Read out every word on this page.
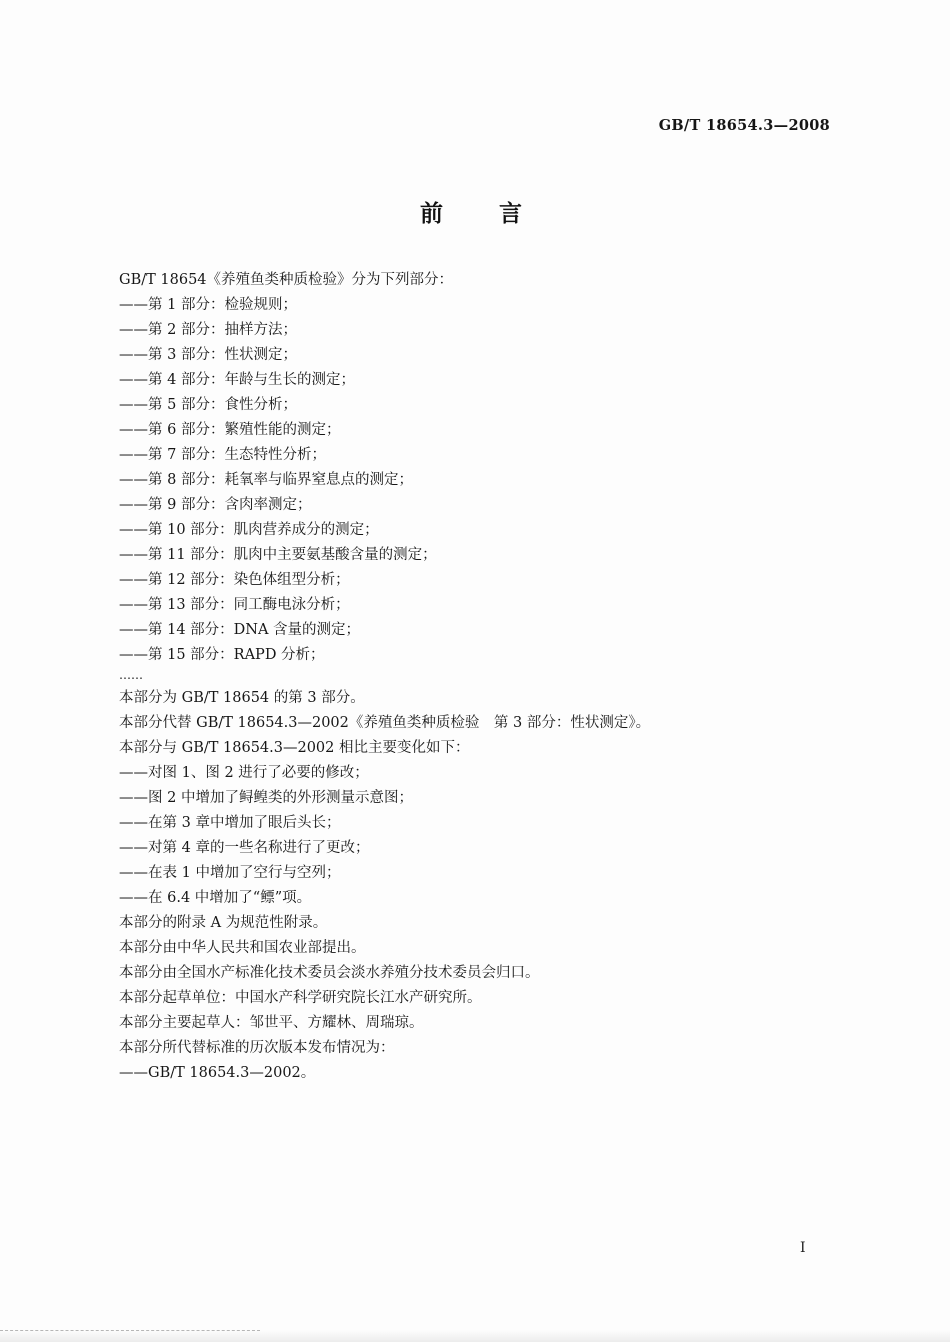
GB/T 18654.3—2008
前言
GB/T 18654《养殖鱼类种质检验》分为下列部分：
——第 1 部分：检验规则；
——第 2 部分：抽样方法；
——第 3 部分：性状测定；
——第 4 部分：年龄与生长的测定；
——第 5 部分：食性分析；
——第 6 部分：繁殖性能的测定；
——第 7 部分：生态特性分析；
——第 8 部分：耗氧率与临界窒息点的测定；
——第 9 部分：含肉率测定；
——第 10 部分：肌肉营养成分的测定；
——第 11 部分：肌肉中主要氨基酸含量的测定；
——第 12 部分：染色体组型分析；
——第 13 部分：同工酶电泳分析；
——第 14 部分：DNA 含量的测定；
——第 15 部分：RAPD 分析；
……
本部分为 GB/T 18654 的第 3 部分。
本部分代替 GB/T 18654.3—2002《养殖鱼类种质检验　第 3 部分：性状测定》。
本部分与 GB/T 18654.3—2002 相比主要变化如下：
——对图 1、图 2 进行了必要的修改；
——图 2 中增加了鲟鳇类的外形测量示意图；
——在第 3 章中增加了眼后头长；
——对第 4 章的一些名称进行了更改；
——在表 1 中增加了空行与空列；
——在 6.4 中增加了“鳔”项。
本部分的附录 A 为规范性附录。
本部分由中华人民共和国农业部提出。
本部分由全国水产标准化技术委员会淡水养殖分技术委员会归口。
本部分起草单位：中国水产科学研究院长江水产研究所。
本部分主要起草人：邹世平、方耀林、周瑞琼。
本部分所代替标准的历次版本发布情况为：
——GB/T 18654.3—2002。
I
